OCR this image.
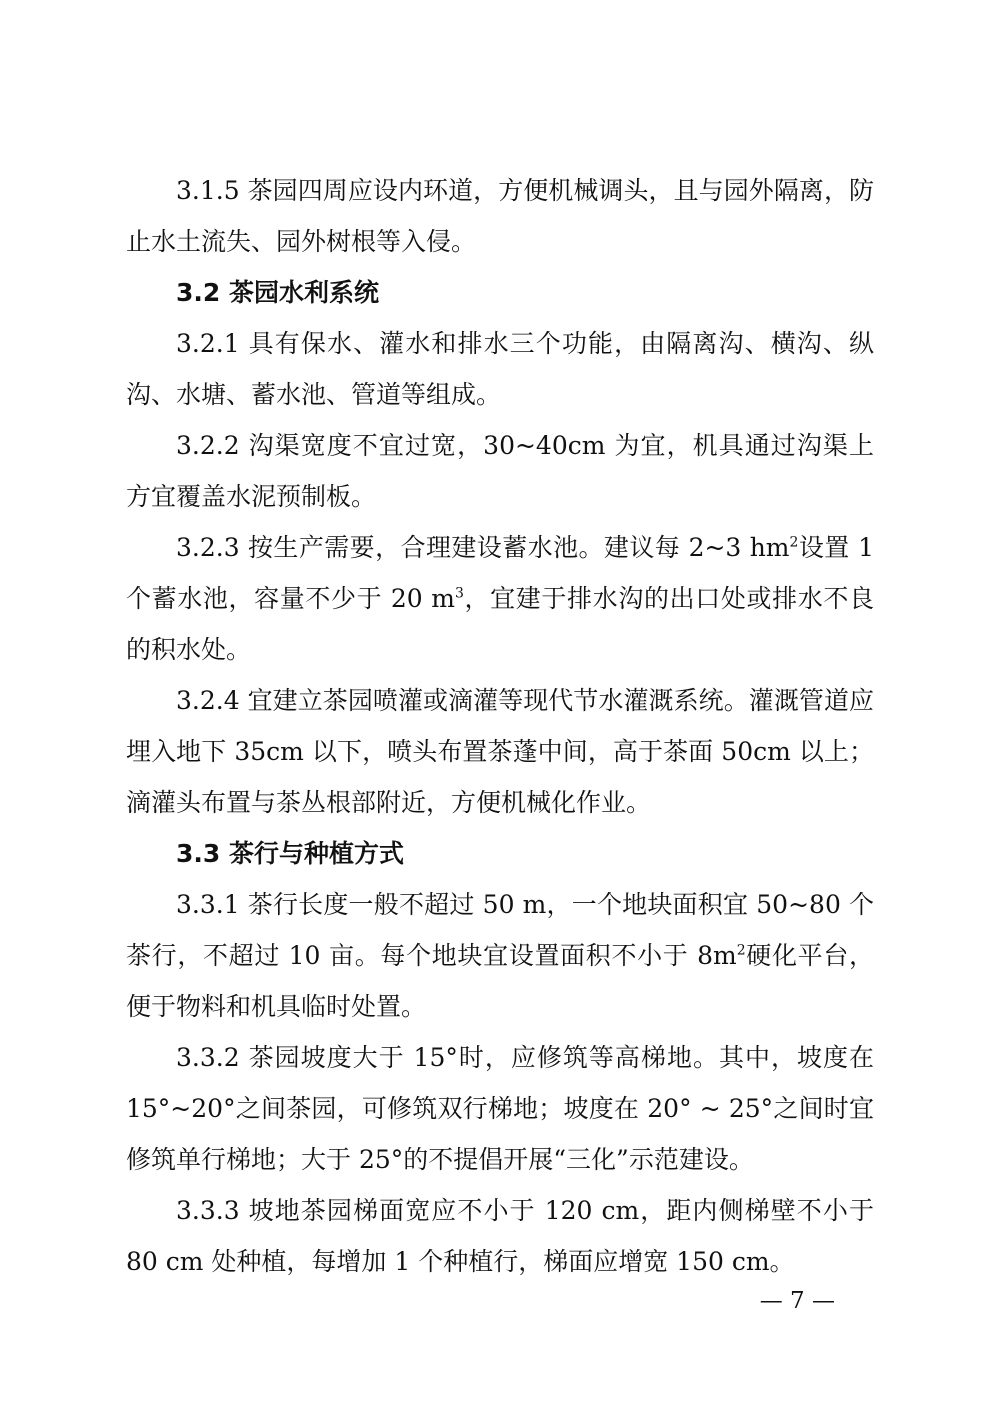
3.1.5 茶园四周应设内环道，方便机械调头，且与园外隔离，防止水土流失、园外树根等入侵。

3.2 茶园水利系统

3.2.1 具有保水、灌水和排水三个功能，由隔离沟、横沟、纵沟、水塘、蓄水池、管道等组成。

3.2.2 沟渠宽度不宜过宽，30~40cm 为宜，机具通过沟渠上方宜覆盖水泥预制板。

3.2.3 按生产需要，合理建设蓄水池。建议每 2~3 $hm^2$设置 1 个蓄水池，容量不少于 20 $m^3$，宜建于排水沟的出口处或排水不良的积水处。

3.2.4 宜建立茶园喷灌或滴灌等现代节水灌溉系统。灌溉管道应埋入地下 35cm 以下，喷头布置茶蓬中间，高于茶面 50cm 以上；滴灌头布置与茶丛根部附近，方便机械化作业。

3.3 茶行与种植方式

3.3.1 茶行长度一般不超过 50 m，一个地块面积宜 50~80 个茶行，不超过 10 亩。每个地块宜设置面积不小于 $8m^2$硬化平台，便于物料和机具临时处置。

3.3.2 茶园坡度大于 15°时，应修筑等高梯地。其中，坡度在 15°~20°之间茶园，可修筑双行梯地；坡度在 20° ~ 25°之间时宜修筑单行梯地；大于 25°的不提倡开展“三化”示范建设。

3.3.3 坡地茶园梯面宽应不小于 120 cm，距内侧梯壁不小于 80 cm 处种植，每增加 1 个种植行，梯面应增宽 150 cm。

— 7 —
